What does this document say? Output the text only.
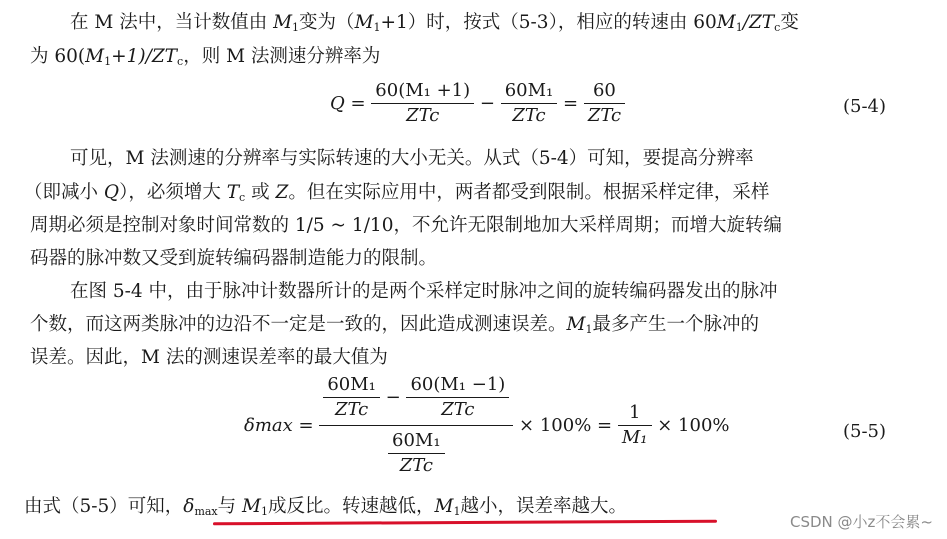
在 M 法中，当计数值由 $M_1$变为$(M_1+1)$时，按式（5-3），相应的转速由 $60M_1/ZT_c$变
为 $60(M_1+1)/ZT_c$，则 M 法测速分辨率为
$Q = \frac{\text{60(M₁ +1)}}{\text{ZTc}} - \frac{\text{60M₁}}{\text{ZTc}} = \frac{60}{\text{ZTc}}$	(5-4)
可见，M 法测速的分辨率与实际转速的大小无关。从式（5-4）可知，要提高分辨率
（即减小 Q），必须增大 $T_c$ 或 Z。但在实际应用中，两者都受到限制。根据采样定律，采样
周期必须是控制对象时间常数的 1/5 ~ 1/10，不允许无限制地加大采样周期；而增大旋转编
码器的脉冲数又受到旋转编码器制造能力的限制。
在图 5-4 中，由于脉冲计数器所计的是两个采样定时脉冲之间的旋转编码器发出的脉冲
个数，而这两类脉冲的边沿不一定是一致的，因此造成测速误差。$M_1$最多产生一个脉冲的
误差。因此，M 法的测速误差率的最大值为
$\delta\max = \frac{\frac{\text{60M₁}}{\text{ZTc}} - \frac{\text{60(M₁ −1)}}{\text{ZTc}}}{\frac{\text{60M₁}}{\text{ZTc}}} \times 100\% = \frac{1}{\text{M₁}} \times 100\%$	(5-5)
由式（5-5）可知，$\delta_{max}$与 $M_1$成反比。转速越低，$M_1$越小，误差率越大。
CSDN @小z不会累~
